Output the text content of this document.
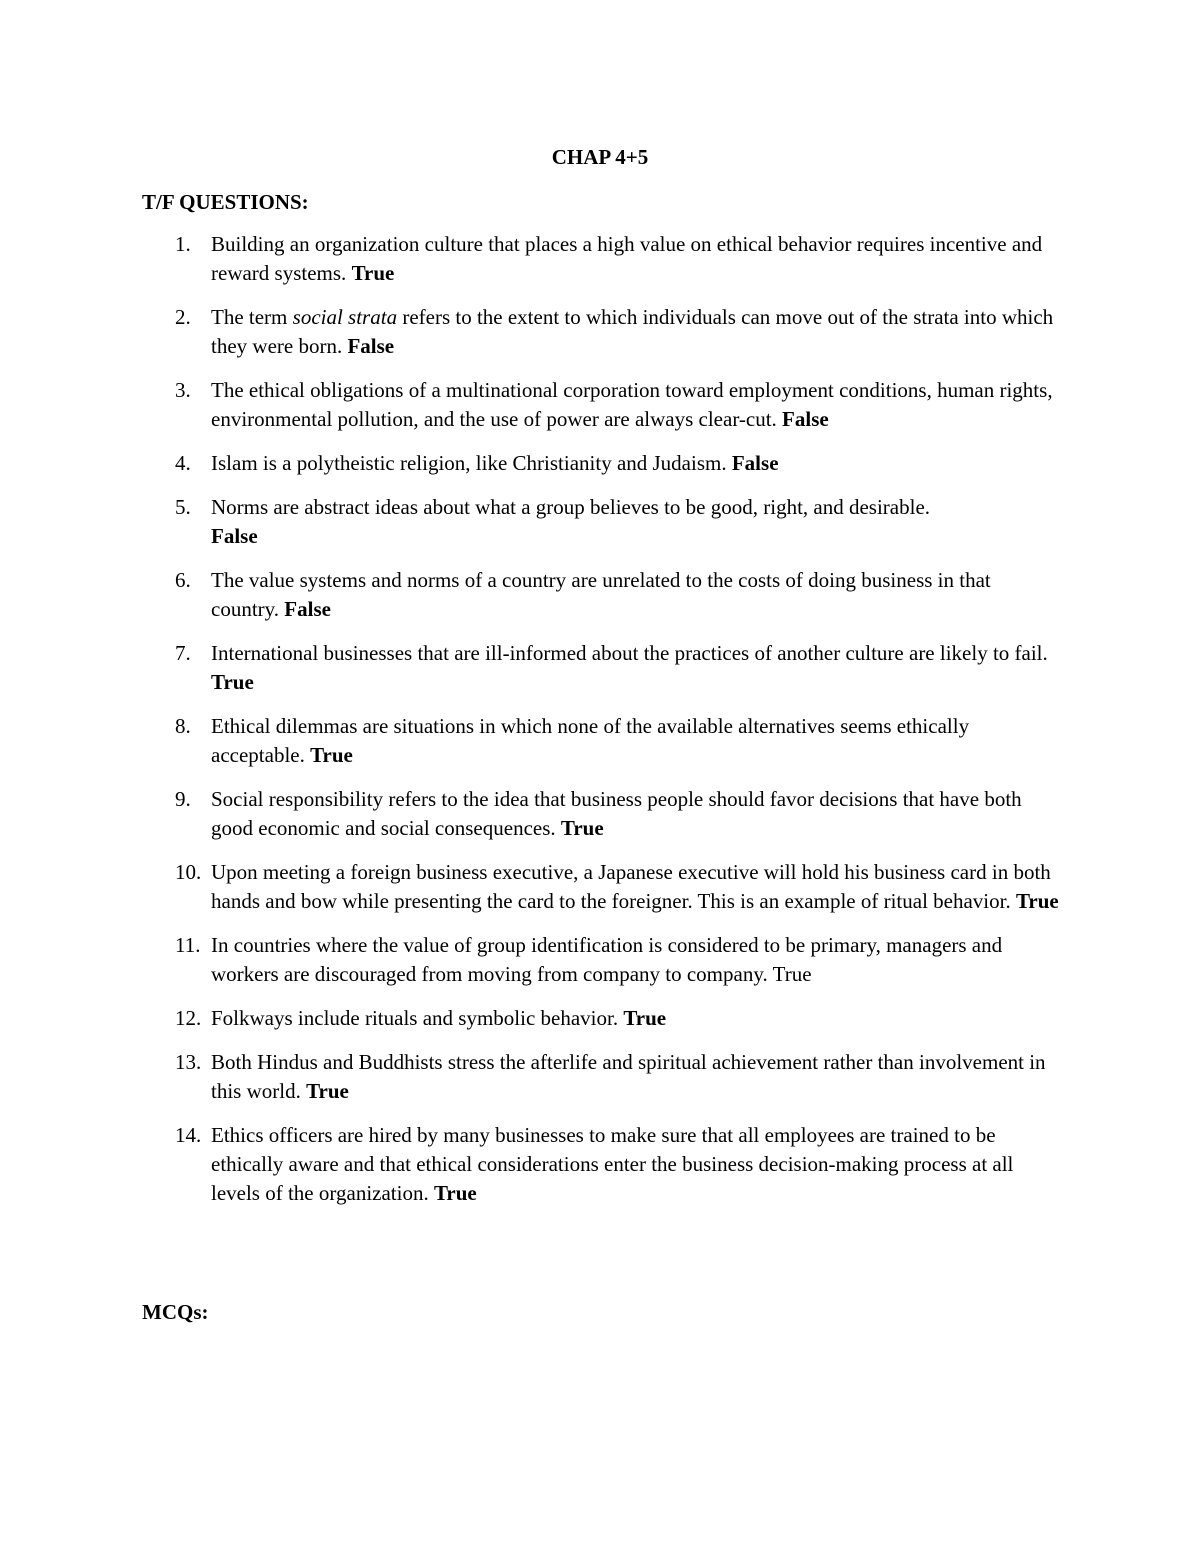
CHAP 4+5
T/F QUESTIONS:
1. Building an organization culture that places a high value on ethical behavior requires incentive and reward systems. True
2. The term social strata refers to the extent to which individuals can move out of the strata into which they were born. False
3. The ethical obligations of a multinational corporation toward employment conditions, human rights, environmental pollution, and the use of power are always clear-cut. False
4. Islam is a polytheistic religion, like Christianity and Judaism. False
5. Norms are abstract ideas about what a group believes to be good, right, and desirable.
False
6. The value systems and norms of a country are unrelated to the costs of doing business in that country. False
7. International businesses that are ill-informed about the practices of another culture are likely to fail. True
8. Ethical dilemmas are situations in which none of the available alternatives seems ethically acceptable. True
9. Social responsibility refers to the idea that business people should favor decisions that have both good economic and social consequences. True
10. Upon meeting a foreign business executive, a Japanese executive will hold his business card in both hands and bow while presenting the card to the foreigner. This is an example of ritual behavior. True
11. In countries where the value of group identification is considered to be primary, managers and workers are discouraged from moving from company to company. True
12. Folkways include rituals and symbolic behavior. True
13. Both Hindus and Buddhists stress the afterlife and spiritual achievement rather than involvement in this world. True
14. Ethics officers are hired by many businesses to make sure that all employees are trained to be ethically aware and that ethical considerations enter the business decision-making process at all levels of the organization. True
MCQs:
